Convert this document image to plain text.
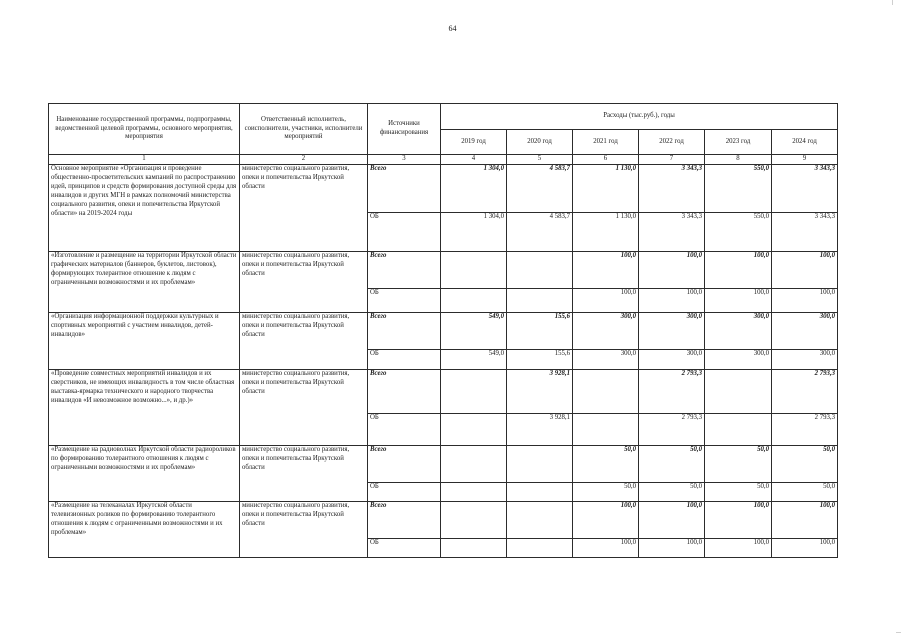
64
Наименование государственной программы, подпрограммы, ведомственной целевой программы, основного мероприятия, мероприятия	Ответственный исполнитель, соисполнители, участники, исполнители мероприятий	Источники финансирования	Расходы (тыс.руб.), годы					
			2019 год	2020 год	2021 год	2022 год	2023 год	2024 год
1	2	3	4	5	6	7	8	9
Основное мероприятие «Организация и проведение общественно-просветительских кампаний по распространению идей, принципов и средств формирования доступной среды для инвалидов и других МГН в рамках полномочий министерства социального развития, опеки и попечительства Иркутской области» на 2019-2024 годы	министерство социального развития, опеки и попечительства Иркутской области	Всего	1 304,0	4 583,7	1 130,0	3 343,3	550,0	3 343,3
		ОБ	1 304,0	4 583,7	1 130,0	3 343,3	550,0	3 343,3
«Изготовление и размещение на территории Иркутской области графических материалов (баннеров, буклетов, листовок), формирующих толерантное отношение к людям с ограниченными возможностями и их проблемам»	министерство социального развития, опеки и попечительства Иркутской области	Всего			100,0	100,0	100,0	100,0
		ОБ			100,0	100,0	100,0	100,0
«Организация информационной поддержки культурных и спортивных мероприятий с участием инвалидов, детей-инвалидов»	министерство социального развития, опеки и попечительства Иркутской области	Всего	549,0	155,6	300,0	300,0	300,0	300,0
		ОБ	549,0	155,6	300,0	300,0	300,0	300,0
«Проведение совместных мероприятий инвалидов и их сверстников, не имеющих инвалидность в том числе областная выставка-ярмарка технического и народного творчества инвалидов «И невозможное возможно...», и др.)»	министерство социального развития, опеки и попечительства Иркутской области	Всего		3 928,1		2 793,3		2 793,3
		ОБ		3 928,1		2 793,3		2 793,3
«Размещение на радиоволнах Иркутской области радиороликов по формированию толерантного отношения к людям с ограниченными возможностями и их проблемам»	министерство социального развития, опеки и попечительства Иркутской области	Всего			50,0	50,0	50,0	50,0
		ОБ			50,0	50,0	50,0	50,0
«Размещение на телеканалах Иркутской области телевизионных роликов по формированию толерантного отношения к людям с ограниченными возможностями и их проблемам»	министерство социального развития, опеки и попечительства Иркутской области	Всего			100,0	100,0	100,0	100,0
		ОБ			100,0	100,0	100,0	100,0
